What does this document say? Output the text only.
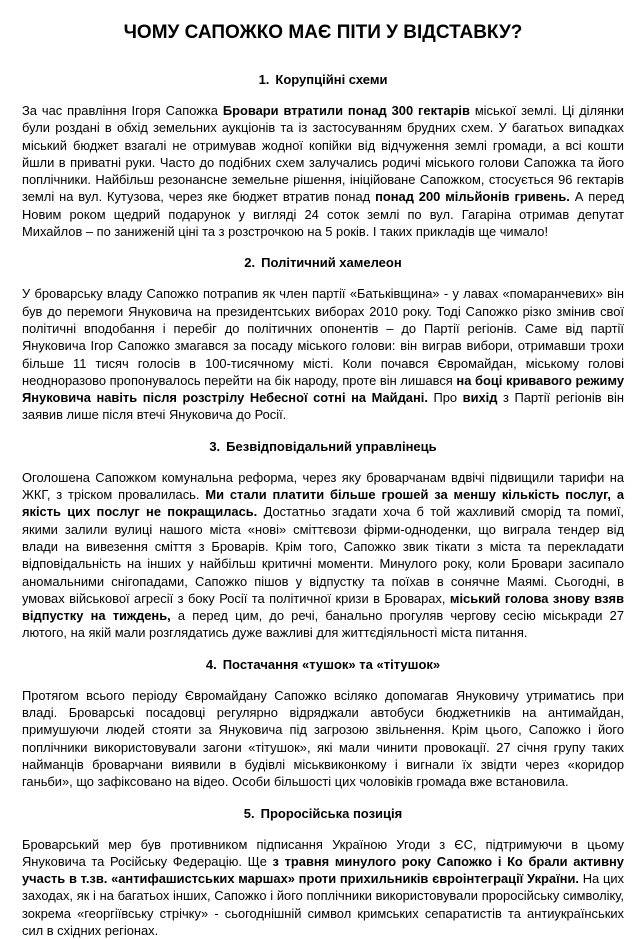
ЧОМУ САПОЖКО МАЄ ПІТИ У ВІДСТАВКУ?
1. Корупційні схеми

За час правління Ігоря Сапожка Бровари втратили понад 300 гектарів міської землі. Ці ділянки були роздані в обхід земельних аукціонів та із застосуванням брудних схем. У багатьох випадках міський бюджет взагалі не отримував жодної копійки від відчуження землі громади, а всі кошти йшли в приватні руки. Часто до подібних схем залучались родичі міського голови Сапожка та його поплічники. Найбільш резонансне земельне рішення, ініційоване Сапожком, стосується 96 гектарів землі на вул. Кутузова, через яке бюджет втратив понад понад 200 мільйонів гривень. А перед Новим роком щедрий подарунок у вигляді 24 соток землі по вул. Гагаріна отримав депутат Михайлов – по заниженій ціні та з розстрочкою на 5 років. І таких прикладів ще чимало!

2. Політичний хамелеон

У броварську владу Сапожко потрапив як член партії «Батьківщина» - у лавах «помаранчевих» він був до перемоги Януковича на президентських виборах 2010 року. Тоді Сапожко різко змінив свої політичні вподобання і перебіг до політичних опонентів – до Партії регіонів. Саме від партії Януковича Ігор Сапожко змагався за посаду міського голови: він виграв вибори, отримавши трохи більше 11 тисяч голосів в 100-тисячному місті. Коли почався Євромайдан, міському голові неодноразово пропонувалось перейти на бік народу, проте він лишався на боці кривавого режиму Януковича навіть після розстрілу Небесної сотні на Майдані. Про вихід з Партії регіонів він заявив лише після втечі Януковича до Росії.

3. Безвідповідальний управлінець

Оголошена Сапожком комунальна реформа, через яку броварчанам вдвічі підвищили тарифи на ЖКГ, з тріском провалилась. Ми стали платити більше грошей за меншу кількість послуг, а якість цих послуг не покращилась. Достатньо згадати хоча б той жахливий сморід та помиї, якими залили вулиці нашого міста «нові» сміттєвози фірми-одноденки, що виграла тендер від влади на вивезення сміття з Броварів. Крім того, Сапожко звик тікати з міста та перекладати відповідальність на інших у найбільш критичні моменти. Минулого року, коли Бровари засипало аномальними снігопадами, Сапожко пішов у відпустку та поїхав в сонячне Маямі. Сьогодні, в умовах військової агресії з боку Росії та політичної кризи в Броварах, міський голова знову взяв відпустку на тиждень, а перед цим, до речі, банально прогуляв чергову сесію міськради 27 лютого, на якій мали розглядатись дуже важливі для життєдіяльності міста питання.

4. Постачання «тушок» та «тітушок»

Протягом всього періоду Євромайдану Сапожко всіляко допомагав Януковичу утриматись при владі. Броварські посадовці регулярно відряджали автобуси бюджетників на антимайдан, примушуючи людей стояти за Януковича під загрозою звільнення. Крім цього, Сапожко і його поплічники використовували загони «тітушок», які мали чинити провокації. 27 січня групу таких найманців броварчани виявили в будівлі міськвиконкому і вигнали їх звідти через «коридор ганьби», що зафіксовано на відео. Особи більшості цих чоловіків громада вже встановила.

5. Проросійська позиція

Броварський мер був противником підписання Україною Угоди з ЄС, підтримуючи в цьому Януковича та Російську Федерацію. Ще з травня минулого року Сапожко і Ко брали активну участь в т.зв. «антифашистських маршах» проти прихильників євроінтеграції України. На цих заходах, як і на багатьох інших, Сапожко і його поплічники використовували проросійську символіку, зокрема «георгіївську стрічку» - сьогоднішній символ кримських сепаратистів та антиукраїнських сил в східних регіонах.
